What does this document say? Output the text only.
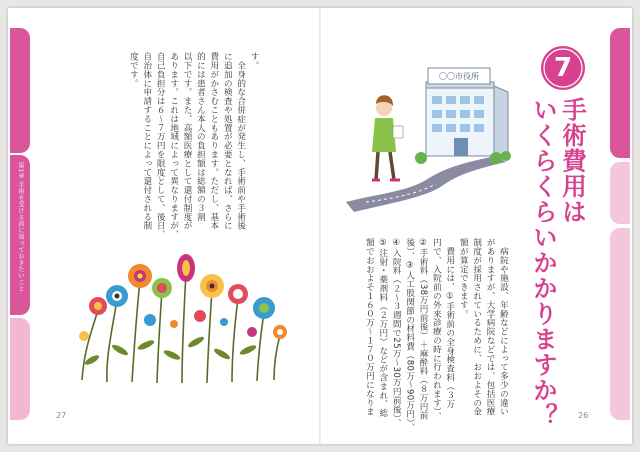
第1章 手術を受ける前に知っておきたいこと

す。

　全身的な合併症が発生し、手術前や手術後

に追加の検査や処置が必要となれば、さらに

費用がかさむこともあります。ただし、基本

的には患者さん本人の負担額は総額の３割

以下です。また、高額医療として還付制度が

あります。これは地域によって異なりますが、

自己負担分は６〜７万円を限度として、後日、

自治体に申請することによって還付される制

度です。

27
〇〇市役所	7
手術費用は
いくらくらいかかりますか？

　病院や施設、年齢などによって多少の違い

がありますが、大学病院などでは、包括医療

制度が採用されているために、おおよその金

額が算定できます。

　費用には、①手術前の全身検査料（３万

円で、入院前の外来診療の時に行われます）、

②手術料（38万円前後）＋麻酔料（８万円前

後）、③人工股関節の材料費（80万〜90万円）、

④入院料（２〜３週間で25万〜30万円前後）、

⑤注射・薬剤料（２万円）などが含まれ、総

額でおおよそ１６０万〜１７０万円になりま	26
